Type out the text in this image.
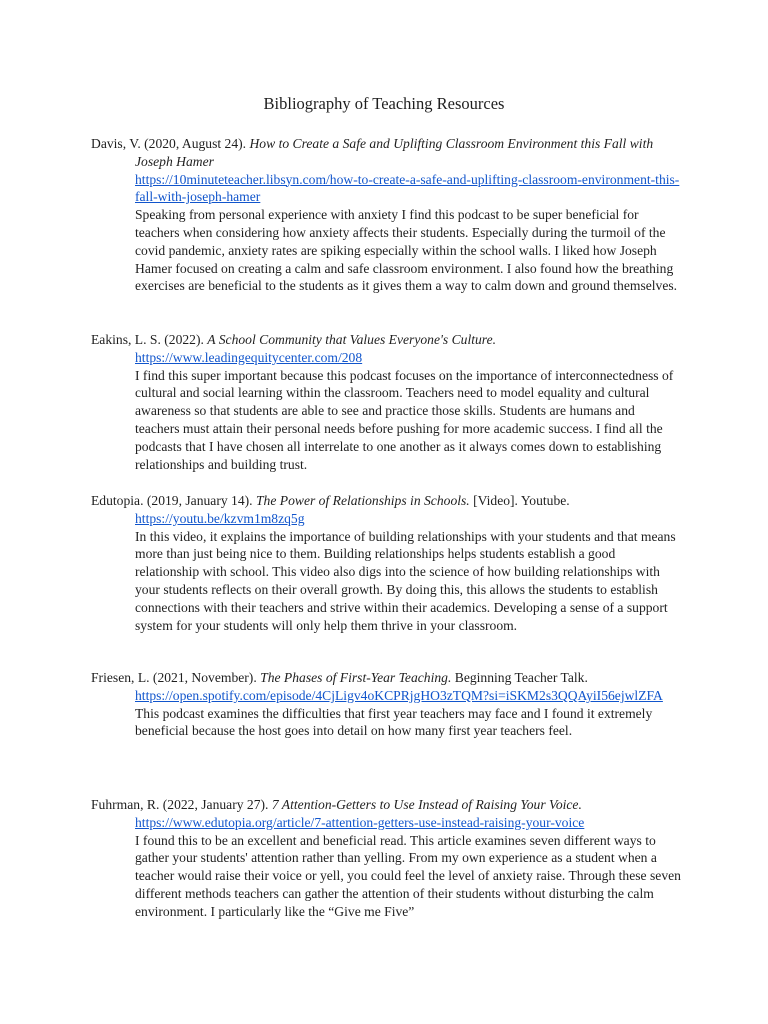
Bibliography of Teaching Resources

Davis, V. (2020, August 24). How to Create a Safe and Uplifting Classroom Environment this Fall with Joseph Hamer

https://10minuteteacher.libsyn.com/how-to-create-a-safe-and-uplifting-classroom-environment-this-fall-with-joseph-hamer

Speaking from personal experience with anxiety I find this podcast to be super beneficial for teachers when considering how anxiety affects their students. Especially during the turmoil of the covid pandemic, anxiety rates are spiking especially within the school walls. I liked how Joseph Hamer focused on creating a calm and safe classroom environment. I also found how the breathing exercises are beneficial to the students as it gives them a way to calm down and ground themselves.

Eakins, L. S. (2022). A School Community that Values Everyone's Culture.

https://www.leadingequitycenter.com/208

I find this super important because this podcast focuses on the importance of interconnectedness of cultural and social learning within the classroom. Teachers need to model equality and cultural awareness so that students are able to see and practice those skills. Students are humans and teachers must attain their personal needs before pushing for more academic success. I find all the podcasts that I have chosen all interrelate to one another as it always comes down to establishing relationships and building trust.

Edutopia. (2019, January 14). The Power of Relationships in Schools. [Video]. Youtube.

https://youtu.be/kzvm1m8zq5g

In this video, it explains the importance of building relationships with your students and that means more than just being nice to them. Building relationships helps students establish a good relationship with school. This video also digs into the science of how building relationships with your students reflects on their overall growth. By doing this, this allows the students to establish connections with their teachers and strive within their academics. Developing a sense of a support system for your students will only help them thrive in your classroom.

Friesen, L. (2021, November). The Phases of First-Year Teaching. Beginning Teacher Talk.

https://open.spotify.com/episode/4CjLigv4oKCPRjgHO3zTQM?si=iSKM2s3QQAyiI56ejwlZFA

This podcast examines the difficulties that first year teachers may face and I found it extremely beneficial because the host goes into detail on how many first year teachers feel.

Fuhrman, R. (2022, January 27). 7 Attention-Getters to Use Instead of Raising Your Voice.

https://www.edutopia.org/article/7-attention-getters-use-instead-raising-your-voice

I found this to be an excellent and beneficial read. This article examines seven different ways to gather your students' attention rather than yelling. From my own experience as a student when a teacher would raise their voice or yell, you could feel the level of anxiety raise. Through these seven different methods teachers can gather the attention of their students without disturbing the calm environment. I particularly like the “Give me Five”
